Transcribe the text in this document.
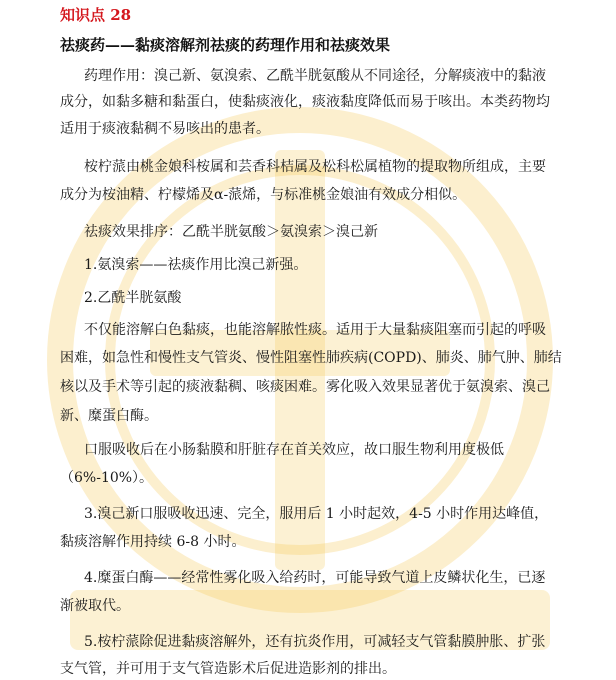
知识点 28
祛痰药——黏痰溶解剂祛痰的药理作用和祛痰效果
药理作用：溴己新、氨溴索、乙酰半胱氨酸从不同途径，分解痰液中的黏液
成分，如黏多糖和黏蛋白，使黏痰液化，痰液黏度降低而易于咳出。本类药物均
适用于痰液黏稠不易咳出的患者。
桉柠蒎由桃金娘科桉属和芸香科桔属及松科松属植物的提取物所组成，主要
成分为桉油精、柠檬烯及α-蒎烯，与标准桃金娘油有效成分相似。
祛痰效果排序：乙酰半胱氨酸＞氨溴索＞溴己新
1.氨溴索——祛痰作用比溴己新强。
2.乙酰半胱氨酸
不仅能溶解白色黏痰，也能溶解脓性痰。适用于大量黏痰阻塞而引起的呼吸
困难，如急性和慢性支气管炎、慢性阻塞性肺疾病(COPD)、肺炎、肺气肿、肺结
核以及手术等引起的痰液黏稠、咳痰困难。雾化吸入效果显著优于氨溴索、溴己
新、糜蛋白酶。
口服吸收后在小肠黏膜和肝脏存在首关效应，故口服生物利用度极低
（6%-10%）。
3.溴己新口服吸收迅速、完全，服用后 1 小时起效，4-5 小时作用达峰值，
黏痰溶解作用持续 6-8 小时。
4.糜蛋白酶——经常性雾化吸入给药时，可能导致气道上皮鳞状化生，已逐
渐被取代。
5.桉柠蒎除促进黏痰溶解外，还有抗炎作用，可减轻支气管黏膜肿胀、扩张
支气管，并可用于支气管造影术后促进造影剂的排出。
